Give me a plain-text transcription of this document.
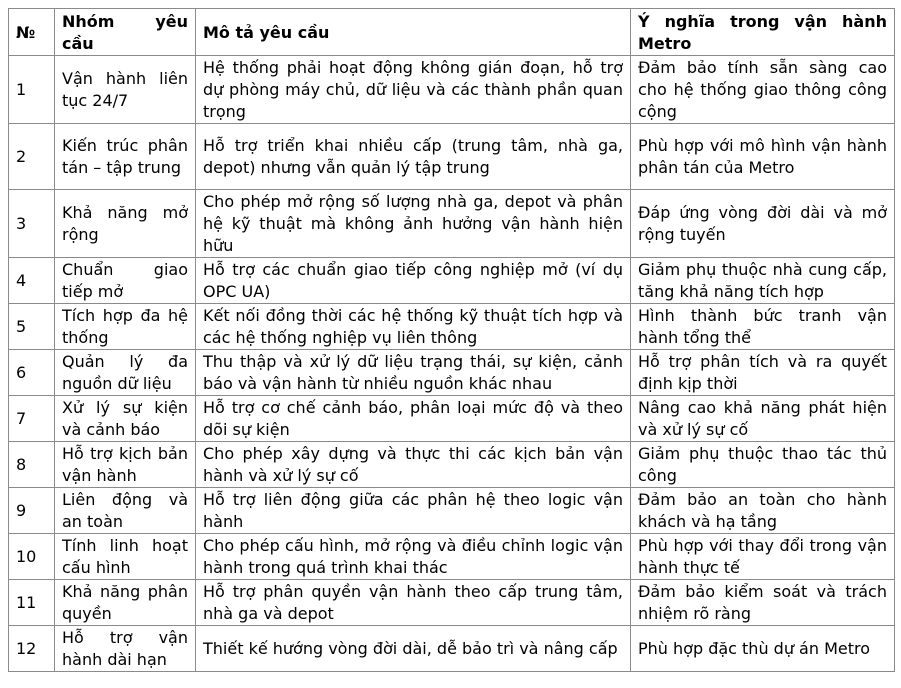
№	Nhóm yêu cầu	Mô tả yêu cầu	Ý nghĩa trong vận hành Metro
1	Vận hành liên tục 24/7	Hệ thống phải hoạt động không gián đoạn, hỗ trợ dự phòng máy chủ, dữ liệu và các thành phần quan trọng	Đảm bảo tính sẵn sàng cao cho hệ thống giao thông công cộng
2	Kiến trúc phân tán – tập trung	Hỗ trợ triển khai nhiều cấp (trung tâm, nhà ga, depot) nhưng vẫn quản lý tập trung	Phù hợp với mô hình vận hành phân tán của Metro
3	Khả năng mở rộng	Cho phép mở rộng số lượng nhà ga, depot và phân hệ kỹ thuật mà không ảnh hưởng vận hành hiện hữu	Đáp ứng vòng đời dài và mở rộng tuyến
4	Chuẩn giao tiếp mở	Hỗ trợ các chuẩn giao tiếp công nghiệp mở (ví dụ OPC UA)	Giảm phụ thuộc nhà cung cấp, tăng khả năng tích hợp
5	Tích hợp đa hệ thống	Kết nối đồng thời các hệ thống kỹ thuật tích hợp và các hệ thống nghiệp vụ liên thông	Hình thành bức tranh vận hành tổng thể
6	Quản lý đa nguồn dữ liệu	Thu thập và xử lý dữ liệu trạng thái, sự kiện, cảnh báo và vận hành từ nhiều nguồn khác nhau	Hỗ trợ phân tích và ra quyết định kịp thời
7	Xử lý sự kiện và cảnh báo	Hỗ trợ cơ chế cảnh báo, phân loại mức độ và theo dõi sự kiện	Nâng cao khả năng phát hiện và xử lý sự cố
8	Hỗ trợ kịch bản vận hành	Cho phép xây dựng và thực thi các kịch bản vận hành và xử lý sự cố	Giảm phụ thuộc thao tác thủ công
9	Liên động và an toàn	Hỗ trợ liên động giữa các phân hệ theo logic vận hành	Đảm bảo an toàn cho hành khách và hạ tầng
10	Tính linh hoạt cấu hình	Cho phép cấu hình, mở rộng và điều chỉnh logic vận hành trong quá trình khai thác	Phù hợp với thay đổi trong vận hành thực tế
11	Khả năng phân quyền	Hỗ trợ phân quyền vận hành theo cấp trung tâm, nhà ga và depot	Đảm bảo kiểm soát và trách nhiệm rõ ràng
12	Hỗ trợ vận hành dài hạn	Thiết kế hướng vòng đời dài, dễ bảo trì và nâng cấp	Phù hợp đặc thù dự án Metro
